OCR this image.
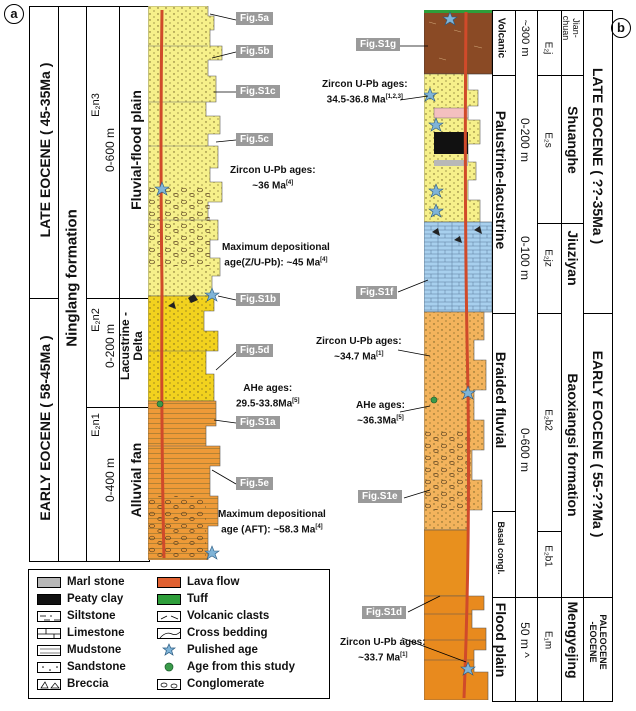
a
b
LATE EOCENE ( 45-35Ma )
EARLY EOCENE ( 58-45Ma )
Ninglang formation
E₂n3
0-600 m Fluvial-flood plain
E₂n2
0-200 m Lacustrine -Delta
E₂n1
0-400 m Alluvial fan
Fig.5a
Fig.5b
Fig.S1c
Fig.5c
Fig.S1b
Fig.5d
Fig.S1a
Fig.5e
Zircon U-Pb ages:
~36 Ma[4]
Maximum depositional
age(Z/U-Pb): ~45 Ma[4]
AHe ages:
29.5-33.8Ma[5]
Maximum depositional
age (AFT): ~58.3 Ma[4]
Fig.S1g
Fig.S1f
Fig.S1e
Fig.S1d
Zircon U-Pb ages:
34.5-36.8 Ma[1,2,3]
Zircon U-Pb ages:
~34.7 Ma[1]
AHe ages:
~36.3Ma[5]
Zircon U-Pb ages:
~33.7 Ma[1]
Volcanic
Palustrine-lacustrine
Braided fluvial
Basal congl.
Flood plain
~300 m
0-200 m
0-100 m
0-600 m
50 m ^
E₂j
E₂s
E₂jz
E₂b2
E₂b1
E₁m
Jian- chuan
Shuanghe
Jiuziyan
Baoxiangsi formation
Mengyejing
LATE EOCENE ( ??-35Ma )
EARLY EOCENE ( 55-??Ma )
PALEOCENE -EOCENE
Marl stone
Peaty clay
Siltstone
Limestone
Mudstone
Sandstone
Breccia
Lava flow
Tuff
Volcanic clasts
Cross bedding
Pulished age
Age from this study
Conglomerate
